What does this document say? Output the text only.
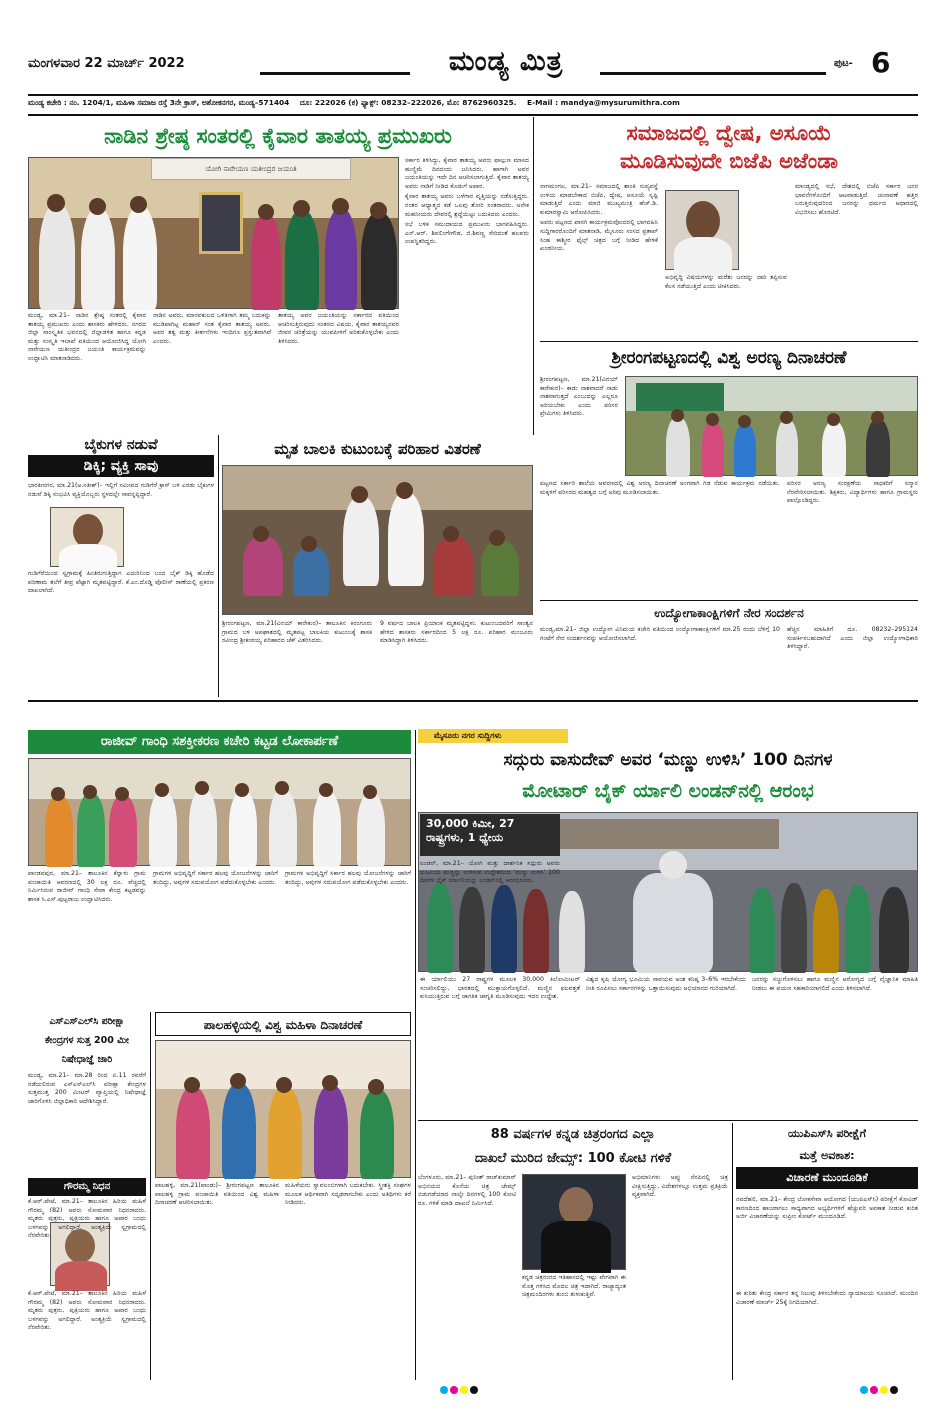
ಮಂಗಳವಾರ 22 ಮಾರ್ಚ್ 2022	ಮಂಡ್ಯ ಮಿತ್ರ	ಪುಟ- 6
ಮಂಡ್ಯ ಕಚೇರಿ : ನಂ. 1204/1, ಮಹಿಳಾ ಸಮಾಜ ರಸ್ತೆ 3ನೇ ಕ್ರಾಸ್, ಅಶೋಕನಗರ, ಮಂಡ್ಯ–571404 ದೂ: 222026 (ಕ) ಫ್ಯಾಕ್ಸ್: 08232–222026, ಮೊ: 8762960325. E-Mail : mandya@mysurumithra.com
ನಾಡಿನ ಶ್ರೇಷ್ಠ ಸಂತರಲ್ಲಿ ಕೈವಾರ ತಾತಯ್ಯ ಪ್ರಮುಖರು
ಯೋಗಿ ನಾರೇಯಣ ಯತೀಂದ್ರರ ಜಯಂತಿ

ಮಂಡ್ಯ, ಮಾ.21– ನಾಡಿನ ಶ್ರೇಷ್ಠ ಸಂತರಲ್ಲಿ ಕೈವಾರ ತಾತಯ್ಯ ಪ್ರಮುಖರು ಎಂದು ಶಾಸಕರು ಹೇಳಿದರು. ನಗರದ ಜಿಲ್ಲಾ ಸಾಂಸ್ಕೃತಿಕ ಭವನದಲ್ಲಿ ಜಿಲ್ಲಾಡಳಿತ ಹಾಗೂ ಕನ್ನಡ ಮತ್ತು ಸಂಸ್ಕೃತಿ ಇಲಾಖೆ ವತಿಯಿಂದ ಆಯೋಜಿಸಿದ್ದ ಯೋಗಿ ನಾರೇಯಣ ಯತೀಂದ್ರರ ಜಯಂತಿ ಕಾರ್ಯಕ್ರಮವನ್ನು ಉದ್ಘಾಟಿಸಿ ಮಾತನಾಡಿದರು.

ನಾಡಿನ ಅವರು, ಮಾನವಕುಲದ ಒಳಿತಿಗಾಗಿ ತಮ್ಮ ಬದುಕನ್ನು ಮುಡಿಪಾಗಿಟ್ಟ ಮಹಾನ್ ಸಂತ ಕೈವಾರ ತಾತಯ್ಯ ಅವರು. ಅವರ ತತ್ವ ಮತ್ತು ಕೀರ್ತನೆಗಳು ಇಂದಿಗೂ ಪ್ರಸ್ತುತವಾಗಿವೆ ಎಂದರು.

ತಾತಯ್ಯ ಅವರ ಜಯಂತಿಯನ್ನು ಸರ್ಕಾರದ ವತಿಯಿಂದ ಆಚರಿಸುತ್ತಿರುವುದು ಸಂತಸದ ವಿಷಯ. ಕೈವಾರ ತಾತಯ್ಯನವರ ಜೀವನ ಚರಿತ್ರೆಯನ್ನು ಯುವಪೀಳಿಗೆ ಅರಿತುಕೊಳ್ಳಬೇಕು ಎಂದು ತಿಳಿಸಿದರು.

ಸರ್ಕಾರ ತಿಳಿಸಿದ್ದು, ಕೈವಾರ ತಾತಯ್ಯ ಅವರು ಫಾಲ್ಗುಣ ಮಾಸದ ಹುಣ್ಣಿಮೆ ದಿನದಂದು ಜನಿಸಿದರು. ಹಾಗಾಗಿ ಅವರ ಜಯಂತಿಯನ್ನು ಇದೇ ದಿನ ಆಚರಿಸಲಾಗುತ್ತಿದೆ. ಕೈವಾರ ತಾತಯ್ಯ ಅವರು ನಾಡಿಗೆ ನೀಡಿದ ಕೊಡುಗೆ ಅಪಾರ.

ಕೈವಾರ ತಾತಯ್ಯ ಅವರು ಬಳೆಗಾರ ವೃತ್ತಿಯನ್ನು ನಡೆಸುತ್ತಿದ್ದರು. ನಂತರ ಆಧ್ಯಾತ್ಮದ ಕಡೆ ಒಲವು ತೋರಿ ಸಂತರಾದರು. ಅನೇಕ ಮಹನೀಯರು ದೇವರಲ್ಲಿ ಶ್ರದ್ಧೆಯಿಟ್ಟು ಬದುಕಿದರು ಎಂದರು.

ಸಭೆ ಬಳಿಕ ಸಮುದಾಯದ ಪ್ರಮುಖರು ಭಾಗವಹಿಸಿದ್ದರು. ಎನ್.ಆರ್. ಶಿವಲಿಂಗೇಗೌಡ, ಜಿ.ಶಿವಣ್ಣ ಸೇರಿದಂತೆ ಹಲವರು ಉಪಸ್ಥಿತರಿದ್ದರು.

ಸಮಾಜದಲ್ಲಿ ದ್ವೇಷ, ಅಸೂಯೆ
ಮೂಡಿಸುವುದೇ ಬಿಜೆಪಿ ಅಜೆಂಡಾ

ನಾಗಮಂಗಲ, ಮಾ.21– ಸಮಾಜದಲ್ಲಿ ಶಾಂತಿ ಸುವ್ಯವಸ್ಥೆ ಉಳಿಯ ಮಾಡಬೇಕಾದ ಬಿಜೆಪಿ, ದ್ವೇಷ, ಅಸೂಯೆ ಸೃಷ್ಟಿ ಮಾಡುತ್ತಿದೆ ಎಂದು ಮಾಜಿ ಮುಖ್ಯಮಂತ್ರಿ ಹೆಚ್.ಡಿ. ಕುಮಾರಸ್ವಾಮಿ ಆರೋಪಿಸಿದರು.

ಅವರು ಪಟ್ಟಣದ ಖಾಸಗಿ ಕಾರ್ಯಕ್ರಮವೊಂದರಲ್ಲಿ ಭಾಗವಹಿಸಿ ಸುದ್ದಿಗಾರರೊಂದಿಗೆ ಮಾತನಾಡಿ, ಮೈಸೂರು ಸಂಸದ ಪ್ರತಾಪ್ ಸಿಂಹ ಕಾಶ್ಮೀರ ಫೈಲ್ಸ್ ಚಿತ್ರದ ಬಗ್ಗೆ ನೀಡಿದ ಹೇಳಿಕೆ ಖಂಡನೀಯ.

ಅಭಿವೃದ್ಧಿ ವಿಷಯಗಳನ್ನು ಮರೆತು ಜನರನ್ನು ದಾರಿ ತಪ್ಪಿಸುವ ಕೆಲಸ ನಡೆಯುತ್ತಿದೆ ಎಂದು ಟೀಕಿಸಿದರು.

ಮಾಂಡ್ಯದಲ್ಲಿ ಸಭೆ, ದೇಶದಲ್ಲಿ ಬಿಜೆಪಿ ಸರ್ಕಾರ ಜನರ ಭಾವನೆಗಳೊಂದಿಗೆ ಆಟವಾಡುತ್ತಿದೆ. ಚುನಾವಣೆ ಹತ್ತಿರ ಬರುತ್ತಿರುವುದರಿಂದ ಜನರನ್ನು ಧರ್ಮದ ಆಧಾರದಲ್ಲಿ ವಿಭಜಿಸಲು ಹೊರಟಿದೆ.

ಶ್ರೀರಂಗಪಟ್ಟಣದಲ್ಲಿ ವಿಶ್ವ ಅರಣ್ಯ ದಿನಾಚರಣೆ

ಶ್ರೀರಂಗಪಟ್ಟಣ, ಮಾ.21(ವಿನಯ್ ಕಾರೇಕುರ)– ಕಾಡು ನಾಶವಾದರೆ ನಾಡು ನಾಶವಾಗುತ್ತದೆ ಎಂಬುದನ್ನು ಎಲ್ಲರೂ ಅರಿಯಬೇಕು ಎಂದು ಪರಿಸರ ಪ್ರೇಮಿಗಳು ತಿಳಿಸಿದರು.

ಪಟ್ಟಣದ ಸರ್ಕಾರಿ ಶಾಲೆಯ ಆವರಣದಲ್ಲಿ ವಿಶ್ವ ಅರಣ್ಯ ದಿನಾಚರಣೆ ಅಂಗವಾಗಿ ಗಿಡ ನೆಡುವ ಕಾರ್ಯಕ್ರಮ ನಡೆಯಿತು. ಮಕ್ಕಳಿಗೆ ಪರಿಸರದ ಮಹತ್ವದ ಬಗ್ಗೆ ಅರಿವು ಮೂಡಿಸಲಾಯಿತು.

ಪರಿಸರ ಅರಣ್ಯ ಸಂರಕ್ಷಣೆಯ ಸಾಧಕರಿಗೆ ಸನ್ಮಾನ ನೆರವೇರಿಸಲಾಯಿತು. ಶಿಕ್ಷಕರು, ವಿದ್ಯಾರ್ಥಿಗಳು ಹಾಗೂ ಗ್ರಾಮಸ್ಥರು ಪಾಲ್ಗೊಂಡಿದ್ದರು.

ಬೈಕುಗಳ ನಡುವೆ
ಡಿಕ್ಕಿ; ವ್ಯಕ್ತಿ ಸಾವು

ಭಾರತೀನಗರ, ಮಾ.21(ಅ.ಸತೀಶ್)– ಇಲ್ಲಿಗೆ ಸಮೀಪದ ಗುಡಿಗೆರೆ ಕ್ರಾಸ್ ಬಳಿ ಎರಡು ಬೈಕುಗಳ ನಡುವೆ ಡಿಕ್ಕಿ ಸಂಭವಿಸಿ ವ್ಯಕ್ತಿಯೊಬ್ಬರು ಸ್ಥಳದಲ್ಲೇ ಸಾವನ್ನಪ್ಪಿದ್ದಾರೆ.

ಗುಡಿಗೆರೆಯಿಂದ ಸ್ವಗ್ರಾಮಕ್ಕೆ ಹಿಂತಿರುಗುತ್ತಿದ್ದಾಗ ಎದುರಿನಿಂದ ಬಂದ ಬೈಕ್ ಡಿಕ್ಕಿ ಹೊಡೆದ ಪರಿಣಾಮ ತಲೆಗೆ ತೀವ್ರ ಪೆಟ್ಟಾಗಿ ಮೃತಪಟ್ಟಿದ್ದಾರೆ. ಕೆ.ಎಂ.ದೊಡ್ಡಿ ಪೊಲೀಸ್ ಠಾಣೆಯಲ್ಲಿ ಪ್ರಕರಣ ದಾಖಲಾಗಿದೆ.

ಮೃತ ಬಾಲಕಿ ಕುಟುಂಬಕ್ಕೆ ಪರಿಹಾರ ವಿತರಣೆ

ಶ್ರೀರಂಗಪಟ್ಟಣ, ಮಾ.21(ವಿನಯ್ ಕಾರೇಕುರ)– ತಾಲೂಕಿನ ಕಿರಂಗೂರು ಗ್ರಾಮದ ಬಳಿ ಅಪಘಾತದಲ್ಲಿ ಮೃತಪಟ್ಟ ಬಾಲಕಿಯ ಕುಟುಂಬಕ್ಕೆ ಶಾಸಕ ರವೀಂದ್ರ ಶ್ರೀಕಂಠಯ್ಯ ಪರಿಹಾರದ ಚೆಕ್ ವಿತರಿಸಿದರು.

9 ವರ್ಷದ ಬಾಲಕಿ ಪ್ರಿಯಾಂಕ ಮೃತಪಟ್ಟಿದ್ದಳು. ಕುಟುಂಬದವರಿಗೆ ಸಾಂತ್ವನ ಹೇಳಿದ ಶಾಸಕರು ಸರ್ಕಾರದಿಂದ 5 ಲಕ್ಷ ರೂ. ಪರಿಹಾರ ಮಂಜೂರು ಮಾಡಿಸಿದ್ದಾಗಿ ತಿಳಿಸಿದರು.

ಉದ್ಯೋಗಾಕಾಂಕ್ಷಿಗಳಿಗೆ ನೇರ ಸಂದರ್ಶನ

ಮಂಡ್ಯ,ಮಾ.21– ಜಿಲ್ಲಾ ಉದ್ಯೋಗ ವಿನಿಮಯ ಕಚೇರಿ ವತಿಯಿಂದ ಉದ್ಯೋಗಾಕಾಂಕ್ಷಿಗಳಿಗೆ ಮಾ.25 ರಂದು ಬೆಳಿಗ್ಗೆ 10 ಗಂಟೆಗೆ ನೇರ ಸಂದರ್ಶನವನ್ನು ಆಯೋಜಿಸಲಾಗಿದೆ.

ಹೆಚ್ಚಿನ ಮಾಹಿತಿಗೆ ದೂ. 08232–295124 ಸಂಪರ್ಕಿಸಬಹುದಾಗಿದೆ ಎಂದು ಜಿಲ್ಲಾ ಉದ್ಯೋಗಾಧಿಕಾರಿ ತಿಳಿಸಿದ್ದಾರೆ.

ರಾಜೀವ್ ಗಾಂಧಿ ಸಶಕ್ತೀಕರಣ ಕಚೇರಿ ಕಟ್ಟಡ ಲೋಕಾರ್ಪಣೆ

ಪಾಂಡವಪುರ, ಮಾ.21– ತಾಲೂಕಿನ ಕೆನ್ನಾಳು ಗ್ರಾಮ ಪಂಚಾಯಿತಿ ಆವರಣದಲ್ಲಿ 30 ಲಕ್ಷ ರೂ. ವೆಚ್ಚದಲ್ಲಿ ನಿರ್ಮಿಸಿರುವ ರಾಜೀವ್ ಗಾಂಧಿ ಸೇವಾ ಕೇಂದ್ರ ಕಟ್ಟಡವನ್ನು ಶಾಸಕ ಸಿ.ಎಸ್.ಪುಟ್ಟರಾಜು ಉದ್ಘಾಟಿಸಿದರು.

ಗ್ರಾಮಗಳ ಅಭಿವೃದ್ಧಿಗೆ ಸರ್ಕಾರ ಹಲವು ಯೋಜನೆಗಳನ್ನು ಜಾರಿಗೆ ತಂದಿದ್ದು, ಅವುಗಳ ಸದುಪಯೋಗ ಪಡೆದುಕೊಳ್ಳಬೇಕು ಎಂದರು.

ಗ್ರಾಮಗಳ ಅಭಿವೃದ್ಧಿಗೆ ಸರ್ಕಾರ ಹಲವು ಯೋಜನೆಗಳನ್ನು ಜಾರಿಗೆ ತಂದಿದ್ದು, ಅವುಗಳ ಸದುಪಯೋಗ ಪಡೆದುಕೊಳ್ಳಬೇಕು ಎಂದರು.

ಎಸ್‌ಎಸ್‌ಎಲ್‌ಸಿ ಪರೀಕ್ಷಾ
ಕೇಂದ್ರಗಳ ಸುತ್ತ 200 ಮೀ
ನಿಷೇಧಾಜ್ಞೆ ಜಾರಿ

ಮಂಡ್ಯ, ಮಾ.21– ಮಾ.28 ರಿಂದ ಏ.11 ರವರೆಗೆ ನಡೆಯಲಿರುವ ಎಸ್‌ಎಸ್‌ಎಲ್‌ಸಿ ಪರೀಕ್ಷಾ ಕೇಂದ್ರಗಳ ಸುತ್ತಮುತ್ತ 200 ಮೀಟರ್ ವ್ಯಾಪ್ತಿಯಲ್ಲಿ ನಿಷೇಧಾಜ್ಞೆ ಜಾರಿಗೊಳಿಸಿ ಜಿಲ್ಲಾಧಿಕಾರಿ ಆದೇಶಿಸಿದ್ದಾರೆ.

ಗೌರಮ್ಮ ನಿಧನ

ಕೆ.ಆರ್.ಪೇಟೆ, ಮಾ.21– ತಾಲೂಕಿನ ಹಿರಿಯ ಮಹಿಳೆ ಗೌರಮ್ಮ (82) ಅವರು ಸೋಮವಾರ ನಿಧನರಾದರು. ಮೃತರು ಪುತ್ರರು, ಪುತ್ರಿಯರು ಹಾಗೂ ಅಪಾರ ಬಂಧು ಬಳಗವನ್ನು ಅಗಲಿದ್ದಾರೆ. ಅಂತ್ಯಕ್ರಿಯೆ ಸ್ವಗ್ರಾಮದಲ್ಲಿ ನೆರವೇರಿತು.

ಕೆ.ಆರ್.ಪೇಟೆ, ಮಾ.21– ತಾಲೂಕಿನ ಹಿರಿಯ ಮಹಿಳೆ ಗೌರಮ್ಮ (82) ಅವರು ಸೋಮವಾರ ನಿಧನರಾದರು. ಮೃತರು ಪುತ್ರರು, ಪುತ್ರಿಯರು ಹಾಗೂ ಅಪಾರ ಬಂಧು ಬಳಗವನ್ನು ಅಗಲಿದ್ದಾರೆ. ಅಂತ್ಯಕ್ರಿಯೆ ಸ್ವಗ್ರಾಮದಲ್ಲಿ ನೆರವೇರಿತು.

ಪಾಲಹಳ್ಳಿಯಲ್ಲಿ ವಿಶ್ವ ಮಹಿಳಾ ದಿನಾಚರಣೆ

ಪಾಲಹಳ್ಳಿ, ಮಾ.21(ಪಾಂಡು)– ಶ್ರೀರಂಗಪಟ್ಟಣ ತಾಲೂಕಿನ ಪಾಲಹಳ್ಳಿ ಗ್ರಾಮ ಪಂಚಾಯಿತಿ ವತಿಯಿಂದ ವಿಶ್ವ ಮಹಿಳಾ ದಿನಾಚರಣೆ ಆಚರಿಸಲಾಯಿತು.

ಮಹಿಳೆಯರು ಸ್ವಾವಲಂಬಿಗಳಾಗಿ ಬದುಕಬೇಕು. ಸ್ತ್ರೀಶಕ್ತಿ ಸಂಘಗಳ ಮೂಲಕ ಆರ್ಥಿಕವಾಗಿ ಸದೃಢರಾಗಬೇಕು ಎಂದು ಅತಿಥಿಗಳು ಕರೆ ನೀಡಿದರು.

ಮೈಸೂರು ನಗರ ಸುದ್ದಿಗಳು
ಸದ್ಗುರು ವಾಸುದೇವ್ ಅವರ ‘ಮಣ್ಣು ಉಳಿಸಿ’ 100 ದಿನಗಳ
ಮೋಟಾರ್ ಬೈಕ್ ರ್ಯಾಲಿ ಲಂಡನ್‌ನಲ್ಲಿ ಆರಂಭ
30,000 ಕಿಮೀ, 27 ರಾಷ್ಟ್ರಗಳು, 1 ಧ್ಯೇಯ

ಲಂಡನ್, ಮಾ.21– ಯೋಗಿ ಮತ್ತು ದಾರ್ಶನಿಕ ಸದ್ಗುರು ಅವರು ಭೂಮಿಯ ಮಣ್ಣನ್ನು ಉಳಿಸುವ ಉದ್ದೇಶದಿಂದ ‘ಮಣ್ಣು ಉಳಿಸಿ’ 100 ದಿನಗಳ ಬೈಕ್ ರ್ಯಾಲಿಯನ್ನು ಲಂಡನ್‌ನಲ್ಲಿ ಆರಂಭಿಸಿದರು.

ಈ ರ್ಯಾಲಿಯು 27 ರಾಷ್ಟ್ರಗಳ ಮೂಲಕ 30,000 ಕಿಲೋಮೀಟರ್ ಸಂಚರಿಸಲಿದ್ದು, ಭಾರತದಲ್ಲಿ ಮುಕ್ತಾಯಗೊಳ್ಳಲಿದೆ. ಮಣ್ಣಿನ ಫಲವತ್ತತೆ ಕುಸಿಯುತ್ತಿರುವ ಬಗ್ಗೆ ಜಾಗತಿಕ ಜಾಗೃತಿ ಮೂಡಿಸುವುದು ಇದರ ಉದ್ದೇಶ.

ವಿಶ್ವದ ಕೃಷಿ ಯೋಗ್ಯ ಭೂಮಿಯ ಸಾವಯವ ಅಂಶ ಕನಿಷ್ಠ 3–6% ಇರಬೇಕೆಂದು ನೀತಿ ರೂಪಿಸಲು ಸರ್ಕಾರಗಳನ್ನು ಒತ್ತಾಯಿಸುವುದು ಅಭಿಯಾನದ ಗುರಿಯಾಗಿದೆ.

ಜನರನ್ನು ಸಜ್ಜುಗೊಳಿಸಲು ಹಾಗೂ ಮಣ್ಣಿನ ಆರೋಗ್ಯದ ಬಗ್ಗೆ ವೈಜ್ಞಾನಿಕ ಮಾಹಿತಿ ನೀಡಲು ಈ ಪಯಣ ಸಹಕಾರಿಯಾಗಲಿದೆ ಎಂದು ತಿಳಿಸಲಾಗಿದೆ.

88 ವರ್ಷಗಳ ಕನ್ನಡ ಚಿತ್ರರಂಗದ ಎಲ್ಲಾ
ದಾಖಲೆ ಮುರಿದ ಜೇಮ್ಸ್: 100 ಕೋಟಿ ಗಳಿಕೆ

ಬೆಂಗಳೂರು, ಮಾ.21– ಪುನೀತ್ ರಾಜ್‌ಕುಮಾರ್ ಅಭಿನಯದ ಕೊನೆಯ ಚಿತ್ರ ಜೇಮ್ಸ್ ಬಿಡುಗಡೆಯಾದ ನಾಲ್ಕೇ ದಿನಗಳಲ್ಲಿ 100 ಕೋಟಿ ರೂ. ಗಳಿಕೆ ಮಾಡಿ ದಾಖಲೆ ನಿರ್ಮಿಸಿದೆ.

ಕನ್ನಡ ಚಿತ್ರರಂಗದ ಇತಿಹಾಸದಲ್ಲಿ ಇಷ್ಟು ವೇಗವಾಗಿ ಈ ಮೊತ್ತ ಗಳಿಸಿದ ಮೊದಲ ಚಿತ್ರ ಇದಾಗಿದೆ. ರಾಜ್ಯಾದ್ಯಂತ ಚಿತ್ರಮಂದಿರಗಳು ತುಂಬಿ ತುಳುಕುತ್ತಿವೆ.

ಅಭಿಮಾನಿಗಳು ಅಪ್ಪು ನೆನಪಿನಲ್ಲಿ ಚಿತ್ರ ವೀಕ್ಷಿಸುತ್ತಿದ್ದು, ವಿದೇಶಗಳಲ್ಲೂ ಉತ್ತಮ ಪ್ರತಿಕ್ರಿಯೆ ವ್ಯಕ್ತವಾಗಿದೆ.

ಯುಪಿಎಸ್‌ಸಿ ಪರೀಕ್ಷೆಗೆ
ಮತ್ತೆ ಅವಕಾಶ:
ವಿಚಾರಣೆ ಮುಂದೂಡಿಕೆ

ನವದೆಹಲಿ, ಮಾ.21– ಕೇಂದ್ರ ಲೋಕಸೇವಾ ಆಯೋಗದ (ಯುಪಿಎಸ್‌ಸಿ) ಪರೀಕ್ಷೆಗೆ ಕೋವಿಡ್ ಕಾರಣದಿಂದ ಹಾಜರಾಗಲು ಸಾಧ್ಯವಾಗದ ಅಭ್ಯರ್ಥಿಗಳಿಗೆ ಹೆಚ್ಚುವರಿ ಅವಕಾಶ ನೀಡುವ ಕುರಿತ ಅರ್ಜಿ ವಿಚಾರಣೆಯನ್ನು ಸುಪ್ರೀಂ ಕೋರ್ಟ್ ಮುಂದೂಡಿದೆ.

ಈ ಕುರಿತು ಕೇಂದ್ರ ಸರ್ಕಾರ ತನ್ನ ನಿಲುವು ತಿಳಿಸಬೇಕೆಂದು ನ್ಯಾಯಾಲಯ ಸೂಚಿಸಿದೆ. ಮುಂದಿನ ವಿಚಾರಣೆ ಮಾರ್ಚ್ 25ಕ್ಕೆ ನಿಗದಿಯಾಗಿದೆ.
